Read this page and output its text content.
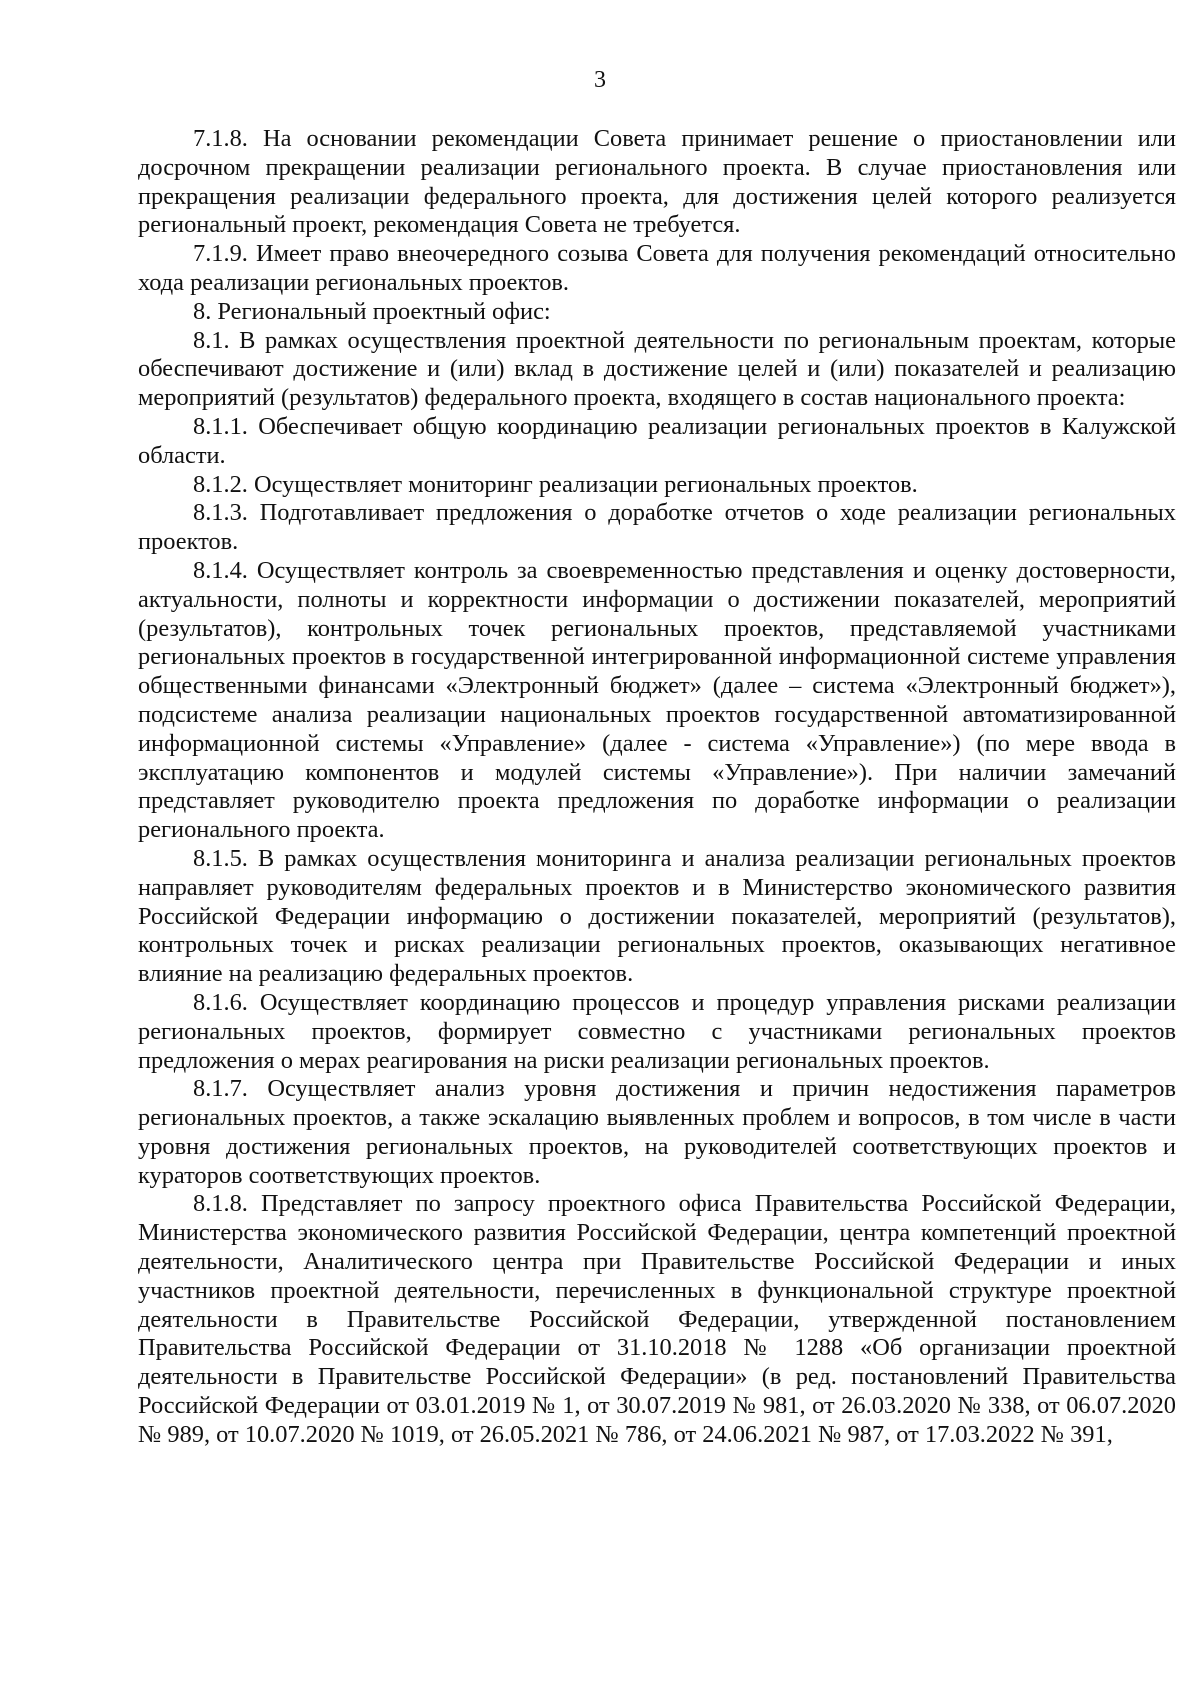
3

7.1.8. На основании рекомендации Совета принимает решение о приостановлении или досрочном прекращении реализации регионального проекта. В случае приостановления или прекращения реализации федерального проекта, для достижения целей которого реализуется региональный проект, рекомендация Совета не требуется.

7.1.9. Имеет право внеочередного созыва Совета для получения рекомендаций относительно хода реализации региональных проектов.

8. Региональный проектный офис:

8.1. В рамках осуществления проектной деятельности по региональным проектам, которые обеспечивают достижение и (или) вклад в достижение целей и (или) показателей и реализацию мероприятий (результатов) федерального проекта, входящего в состав национального проекта:

8.1.1. Обеспечивает общую координацию реализации региональных проектов в Калужской области.

8.1.2. Осуществляет мониторинг реализации региональных проектов.

8.1.3. Подготавливает предложения о доработке отчетов о ходе реализации региональных проектов.

8.1.4. Осуществляет контроль за своевременностью представления и оценку достоверности, актуальности, полноты и корректности информации о достижении показателей, мероприятий (результатов), контрольных точек региональных проектов, представляемой участниками региональных проектов в государственной интегрированной информационной системе управления общественными финансами «Электронный бюджет» (далее – система «Электронный бюджет»), подсистеме анализа реализации национальных проектов государственной автоматизированной информационной системы «Управление» (далее - система «Управление») (по мере ввода в эксплуатацию компонентов и модулей системы «Управление»). При наличии замечаний представляет руководителю проекта предложения по доработке информации о реализации регионального проекта.

8.1.5. В рамках осуществления мониторинга и анализа реализации региональных проектов направляет руководителям федеральных проектов и в Министерство экономического развития Российской Федерации информацию о достижении показателей, мероприятий (результатов), контрольных точек и рисках реализации региональных проектов, оказывающих негативное влияние на реализацию федеральных проектов.

8.1.6. Осуществляет координацию процессов и процедур управления рисками реализации региональных проектов, формирует совместно с участниками региональных проектов предложения о мерах реагирования на риски реализации региональных проектов.

8.1.7. Осуществляет анализ уровня достижения и причин недостижения параметров региональных проектов, а также эскалацию выявленных проблем и вопросов, в том числе в части уровня достижения региональных проектов, на руководителей соответствующих проектов и кураторов соответствующих проектов.

8.1.8. Представляет по запросу проектного офиса Правительства Российской Федерации, Министерства экономического развития Российской Федерации, центра компетенций проектной деятельности, Аналитического центра при Правительстве Российской Федерации и иных участников проектной деятельности, перечисленных в функциональной структуре проектной деятельности в Правительстве Российской Федерации, утвержденной постановлением Правительства Российской Федерации от 31.10.2018 № 1288 «Об организации проектной деятельности в Правительстве Российской Федерации» (в ред. постановлений Правительства Российской Федерации от 03.01.2019 № 1, от 30.07.2019 № 981, от 26.03.2020 № 338, от 06.07.2020 № 989, от 10.07.2020 № 1019, от 26.05.2021 № 786, от 24.06.2021 № 987, от 17.03.2022 № 391,
